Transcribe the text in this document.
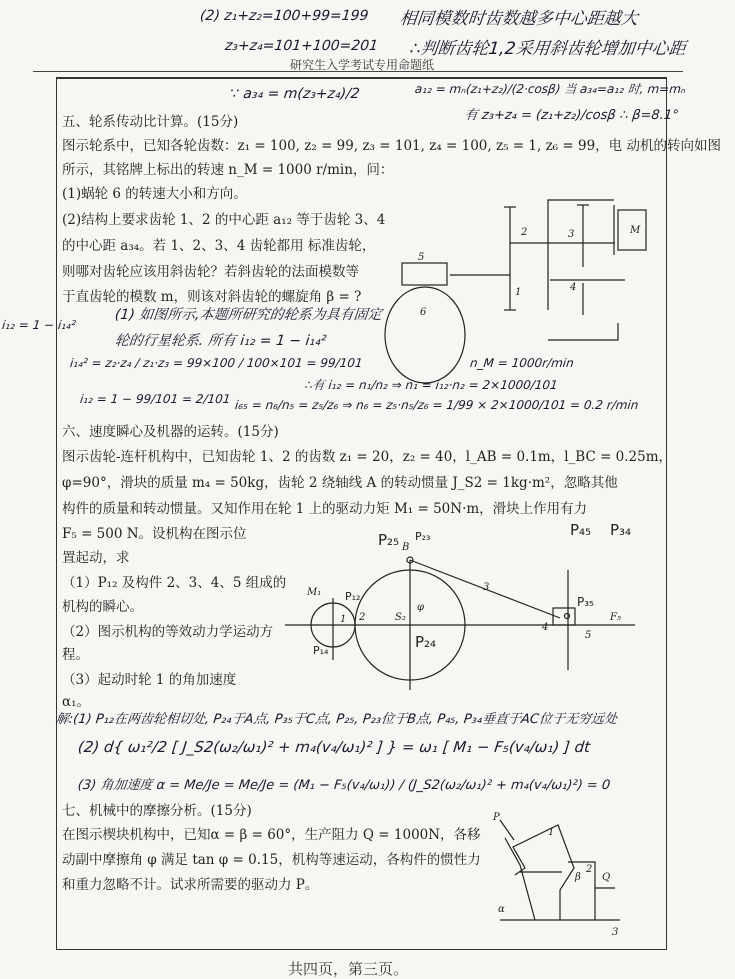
研究生入学考试专用命题纸
(2) z₁+z₂=100+99=199
z₃+z₄=101+100=201
相同模数时齿数越多中心距越大
∴判断齿轮1,2采用斜齿轮增加中心距
∵ a₃₄ = m(z₃+z₄)/2	a₁₂ = mₙ(z₁+z₂)/(2·cosβ) 当 a₃₄=a₁₂ 时, m=mₙ
有 z₃+z₄ = (z₁+z₂)/cosβ ∴ β=8.1°
五、轮系传动比计算。(15分)
图示轮系中，已知各轮齿数：z₁ = 100, z₂ = 99, z₃ = 101, z₄ = 100, z₅ = 1, z₆ = 99，电 动机的转向如图
所示，其铭牌上标出的转速 n_M = 1000 r/min，问：
(1)蜗轮 6 的转速大小和方向。
(2)结构上要求齿轮 1、2 的中心距 a₁₂ 等于齿轮 3、4
的中心距 a₃₄。若 1、2、3、4 齿轮都用 标准齿轮，
则哪对齿轮应该用斜齿轮？若斜齿轮的法面模数等
于直齿轮的模数 m，则该对斜齿轮的螺旋角 β = ?
2	3
4
1
5
6
M
i₁₂ = 1 − i₁₄²
(1) 如图所示,本题所研究的轮系为具有固定
轮的行星轮系. 所有 i₁₂ = 1 − i₁₄²
i₁₄² = z₂·z₄ / z₁·z₃ = 99×100 / 100×101 = 99/101
i₁₂ = 1 − 99/101 = 2/101
n_M = 1000r/min
∴有 i₁₂ = n₁/n₂ ⇒ n₁ = i₁₂·n₂ = 2×1000/101
i₆₅ = n₆/n₅ = z₅/z₆ ⇒ n₆ = z₅·n₅/z₆ = 1/99 × 2×1000/101 = 0.2 r/min
六、速度瞬心及机器的运转。(15分)
图示齿轮-连杆机构中，已知齿轮 1、2 的齿数 z₁ = 20，z₂ = 40，l_AB = 0.1m，l_BC = 0.25m，
φ=90°，滑块的质量 m₄ = 50kg，齿轮 2 绕轴线 A 的转动惯量 J_S2 = 1kg·m²，忽略其他
构件的质量和转动惯量。又知作用在轮 1 上的驱动力矩 M₁ = 50N·m，滑块上作用有力
F₅ = 500 N。设机构在图示位
置起动，求
（1）P₁₂ 及构件 2、3、4、5 组成的
机构的瞬心。
（2）图示机构的等效动力学运动方
程。
（3）起动时轮 1 的角加速度
α₁。
M₁
B
S₂
φ
F₅
3
4
5
1 2
P₂₅ P₂₃	P₄₅ P₃₄
P₃₅
P₁₂
P₁₄	P₂₄
解:(1) P₁₂在两齿轮相切处, P₂₄于A点, P₃₅于C点, P₂₅, P₂₃位于B点, P₄₅, P₃₄垂直于AC位于无穷远处
(2) d{ ω₁²/2 [ J_S2(ω₂/ω₁)² + m₄(v₄/ω₁)² ] } = ω₁ [ M₁ − F₅(v₄/ω₁) ] dt
(3) 角加速度 α = Me/Je = Me/Je = (M₁ − F₅(v₄/ω₁)) / (J_S2(ω₂/ω₁)² + m₄(v₄/ω₁)²) = 0
七、机械中的摩擦分析。(15分)
在图示楔块机构中，已知α = β = 60°，生产阻力 Q = 1000N，各移
动副中摩擦角 φ 满足 tan φ = 0.15，机构等速运动，各构件的惯性力
和重力忽略不计。试求所需要的驱动力 P。
P
Q
α
β
1
2
3
共四页，第三页。
